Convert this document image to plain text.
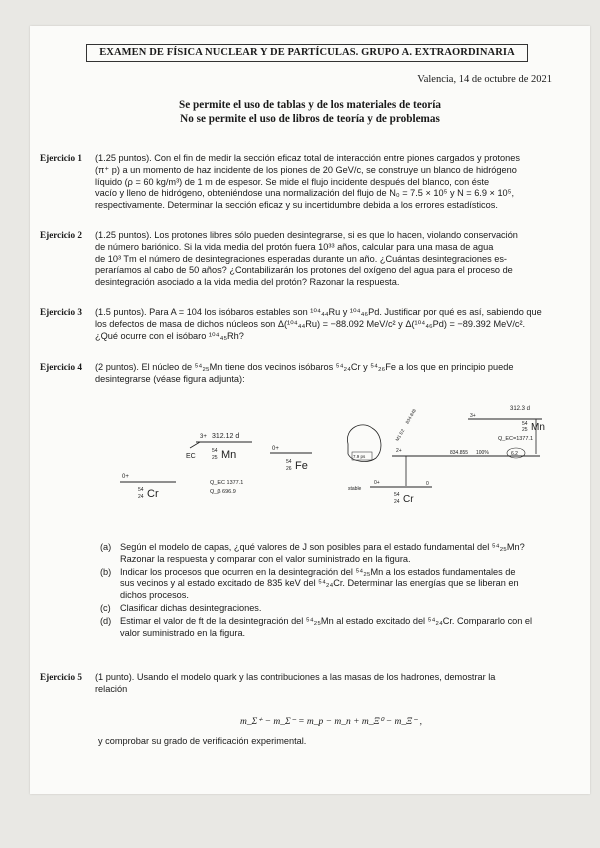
EXAMEN DE FÍSICA NUCLEAR Y DE PARTÍCULAS. GRUPO A. EXTRAORDINARIA
Valencia, 14 de octubre de 2021
Se permite el uso de tablas y de los materiales de teoría
No se permite el uso de libros de teoría y de problemas
Ejercicio 1 (1.25 puntos). Con el fin de medir la sección eficaz total de interacción entre piones cargados y protones
(π⁺ p) a un momento de haz incidente de los piones de 20 GeV/c, se construye un blanco de hidrógeno
líquido (ρ = 60 kg/m³) de 1 m de espesor. Se mide el flujo incidente después del blanco, con éste
vacío y lleno de hidrógeno, obteniéndose una normalización del flujo de N₀ = 7.5 × 10⁵ y N = 6.9 × 10⁵,
respectivamente. Determinar la sección eficaz y su incertidumbre debida a los errores estadísticos.
Ejercicio 2 (1.25 puntos). Los protones libres sólo pueden desintegrarse, si es que lo hacen, violando conservación
de número bariónico. Si la vida media del protón fuera 10³³ años, calcular para una masa de agua
de 10³ Tm el número de desintegraciones esperadas durante un año. ¿Cuántas desintegraciones es-
peraríamos al cabo de 50 años? ¿Contabilizarán los protones del oxígeno del agua para el proceso de
desintegración asociado a la vida media del protón? Razonar la respuesta.
Ejercicio 3 (1.5 puntos). Para A = 104 los isóbaros estables son ¹⁰⁴₄₄Ru y ¹⁰⁴₄₆Pd. Justificar por qué es así, sabiendo que
los defectos de masa de dichos núcleos son Δ(¹⁰⁴₄₄Ru) = −88.092 MeV/c² y Δ(¹⁰⁴₄₆Pd) = −89.392 MeV/c².
¿Qué ocurre con el isóbaro ¹⁰⁴₄₅Rh?
Ejercicio 4 (2 puntos). El núcleo de ⁵⁴₂₅Mn tiene dos vecinos isóbaros ⁵⁴₂₄Cr y ⁵⁴₂₆Fe a los que en principio puede
desintegrarse (véase figura adjunta):
3+ 312.12 d
EC
54
25 Mn	0+
54
26 Fe
0+
54
24 Cr
Q_EC 1377.1
Q_β 696.9
312.3 d
3+
54
25 Mn
Q_EC=1377.1
2+	834.855 100%	6.2
7.9 ps
M1 E2
834.848
stable
0+	0
54
24 Cr
(a) Según el modelo de capas, ¿qué valores de J son posibles para el estado fundamental del ⁵⁴₂₅Mn?
Razonar la respuesta y comparar con el valor suministrado en la figura.
(b) Indicar los procesos que ocurren en la desintegración del ⁵⁴₂₅Mn a los estados fundamentales de
sus vecinos y al estado excitado de 835 keV del ⁵⁴₂₄Cr. Determinar las energías que se liberan en
dichos procesos.
(c) Clasificar dichas desintegraciones.
(d) Estimar el valor de ft de la desintegración del ⁵⁴₂₅Mn al estado excitado del ⁵⁴₂₄Cr. Compararlo con el
valor suministrado en la figura.
Ejercicio 5 (1 punto). Usando el modelo quark y las contribuciones a las masas de los hadrones, demostrar la
relación
m_Σ⁺ − m_Σ⁻ = m_p − m_n + m_Ξ⁰ − m_Ξ⁻ ,
y comprobar su grado de verificación experimental.
